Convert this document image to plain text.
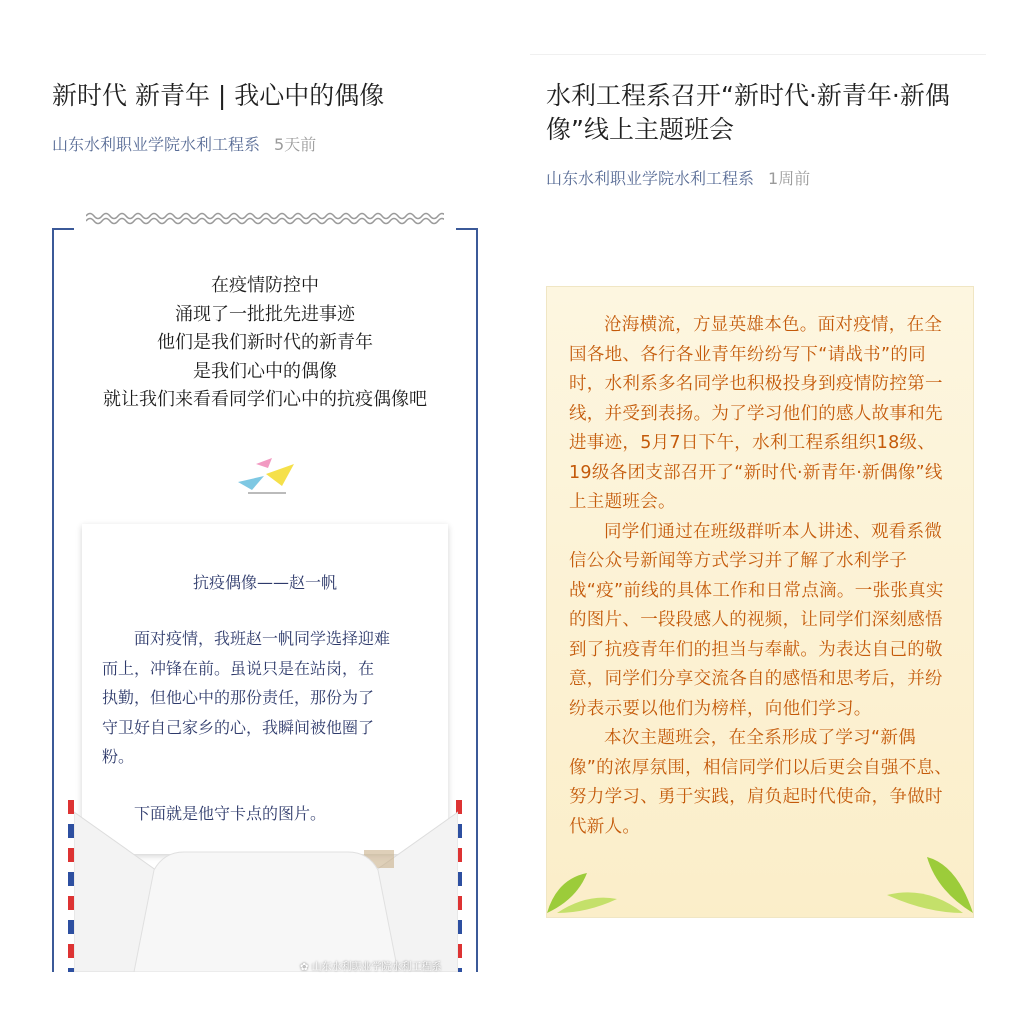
新时代 新青年 | 我心中的偶像
山东水利职业学院水利工程系 5天前
在疫情防控中
涌现了一批批先进事迹
他们是我们新时代的新青年
是我们心中的偶像
就让我们来看看同学们心中的抗疫偶像吧
抗疫偶像——赵一帆
　　面对疫情，我班赵一帆同学选择迎难
而上，冲锋在前。虽说只是在站岗，在
执勤，但他心中的那份责任，那份为了
守卫好自己家乡的心，我瞬间被他圈了
粉。
　　下面就是他守卡点的图片。
✿ 山东水利职业学院水利工程系
水利工程系召开“新时代·新青年·新偶
像”线上主题班会
山东水利职业学院水利工程系 1周前

沧海横流，方显英雄本色。面对疫情，在全国各地、各行各业青年纷纷写下“请战书”的同时，水利系多名同学也积极投身到疫情防控第一线，并受到表扬。为了学习他们的感人故事和先进事迹，5月7日下午，水利工程系组织18级、19级各团支部召开了“新时代·新青年·新偶像”线上主题班会。

同学们通过在班级群听本人讲述、观看系微信公众号新闻等方式学习并了解了水利学子战“疫”前线的具体工作和日常点滴。一张张真实的图片、一段段感人的视频，让同学们深刻感悟到了抗疫青年们的担当与奉献。为表达自己的敬意，同学们分享交流各自的感悟和思考后，并纷纷表示要以他们为榜样，向他们学习。

本次主题班会，在全系形成了学习“新偶像”的浓厚氛围，相信同学们以后更会自强不息、努力学习、勇于实践，肩负起时代使命，争做时代新人。
